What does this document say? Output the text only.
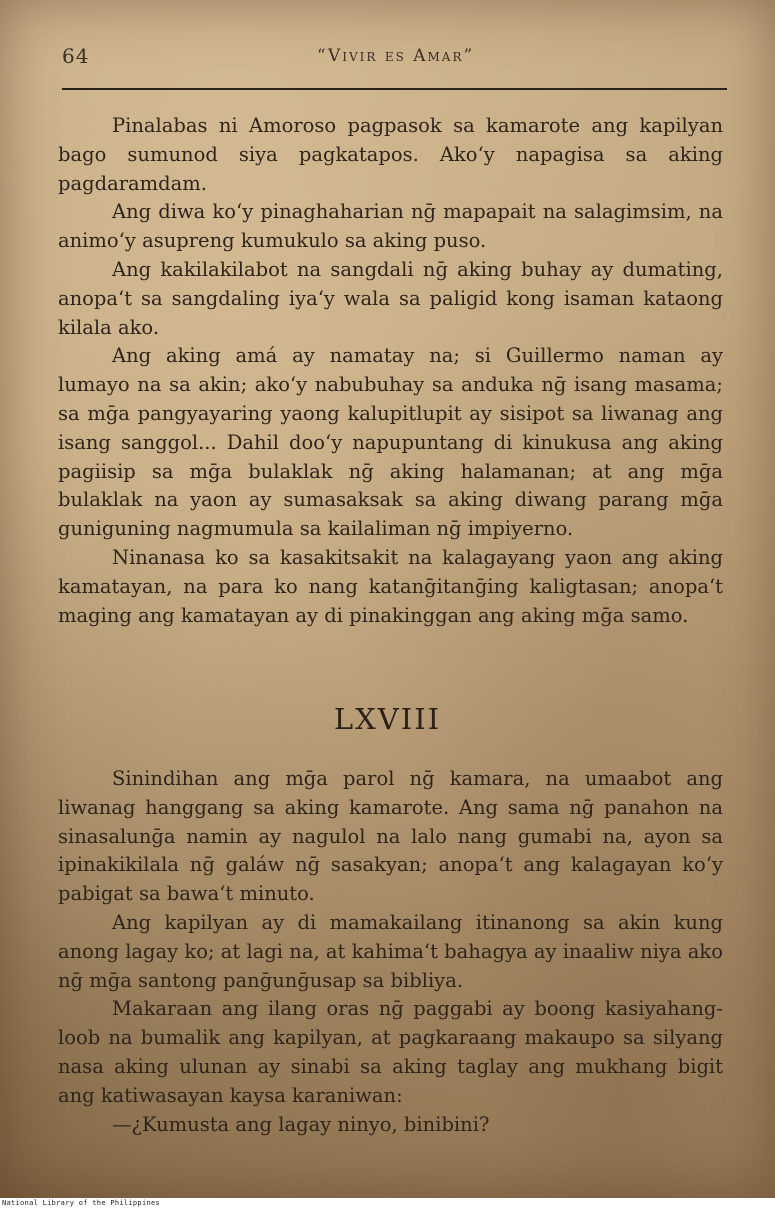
64	“Vivir es Amar”

Pinalabas ni Amoroso pagpasok sa kamarote ang kapilyan bago sumunod siya pagkatapos. Ako‘y napagisa sa aking pagdaramdam.

Ang diwa ko‘y pinaghaharian nḡ mapapait na salagimsim, na animo‘y asupreng kumukulo sa aking puso.

Ang kakilakilabot na sangdali nḡ aking buhay ay dumating, anopa‘t sa sangdaling iya‘y wala sa paligid kong isaman kataong kilala ako.

Ang aking amá ay namatay na; si Guillermo naman ay lumayo na sa akin; ako‘y nabubuhay sa anduka nḡ isang masama; sa mḡa pangyayaring yaong kalupitlupit ay sisipot sa liwanag ang isang sanggol... Dahil doo‘y napupuntang di kinukusa ang aking pagiisip sa mḡa bulaklak nḡ aking halamanan; at ang mḡa bulaklak na yaon ay sumasaksak sa aking diwang parang mḡa guniguning nagmumula sa kailaliman nḡ impiyerno.

Ninanasa ko sa kasakitsakit na kalagayang yaon ang aking kamatayan, na para ko nang katanḡitanḡing kaligtasan; anopa‘t maging ang kamatayan ay di pinakinggan ang aking mḡa samo.

LXVIII

Sinindihan ang mḡa parol nḡ kamara, na umaabot ang liwanag hanggang sa aking kamarote. Ang sama nḡ panahon na sinasalunḡa namin ay nagulol na lalo nang gumabi na, ayon sa ipinakikilala nḡ galáw nḡ sasakyan; anopa‘t ang kalagayan ko‘y pabigat sa bawa‘t minuto.

Ang kapilyan ay di mamakailang itinanong sa akin kung anong lagay ko; at lagi na, at kahima‘t bahagya ay inaaliw niya ako nḡ mḡa santong panḡunḡusap sa bibliya.

Makaraan ang ilang oras nḡ paggabi ay boong kasiyahang-loob na bumalik ang kapilyan, at pagkaraang makaupo sa silyang nasa aking ulunan ay sinabi sa aking taglay ang mukhang bigit ang katiwasayan kaysa karaniwan:

—¿Kumusta ang lagay ninyo, binibini?

National Library of the Philippines
